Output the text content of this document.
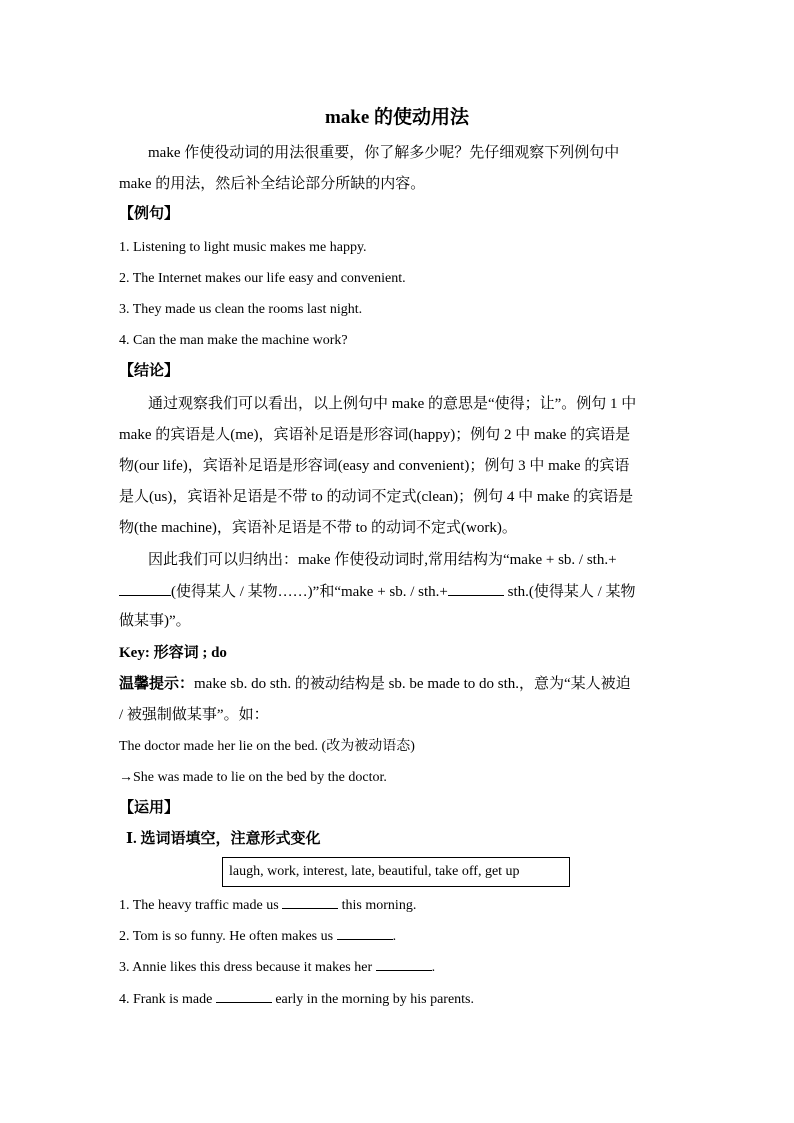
make 的使动用法
make 作使役动词的用法很重要，你了解多少呢？先仔细观察下列例句中
make 的用法，然后补全结论部分所缺的内容。
【例句】
1. Listening to light music makes me happy.
2. The Internet makes our life easy and convenient.
3. They made us clean the rooms last night.
4. Can the man make the machine work?
【结论】
通过观察我们可以看出，以上例句中 make 的意思是“使得；让”。例句 1 中
make 的宾语是人(me)，宾语补足语是形容词(happy)；例句 2 中 make 的宾语是
物(our life)，宾语补足语是形容词(easy and convenient)；例句 3 中 make 的宾语
是人(us)，宾语补足语是不带 to 的动词不定式(clean)；例句 4 中 make 的宾语是
物(the machine)，宾语补足语是不带 to 的动词不定式(work)。
因此我们可以归纳出：make 作使役动词时,常用结构为“make + sb. / sth.+
(使得某人 / 某物……)”和“make + sb. / sth.+	sth.(使得某人 / 某物
做某事)”。
Key: 形容词 ; do
温馨提示：make sb. do sth. 的被动结构是 sb. be made to do sth.，意为“某人被迫
/ 被强制做某事”。如：
The doctor made her lie on the bed. (改为被动语态)
→She was made to lie on the bed by the doctor.
【运用】
Ⅰ. 选词语填空，注意形式变化
laugh, work, interest, late, beautiful, take off, get up
1. The heavy traffic made us	this morning.
2. Tom is so funny. He often makes us	.
3. Annie likes this dress because it makes her	.
4. Frank is made	early in the morning by his parents.
